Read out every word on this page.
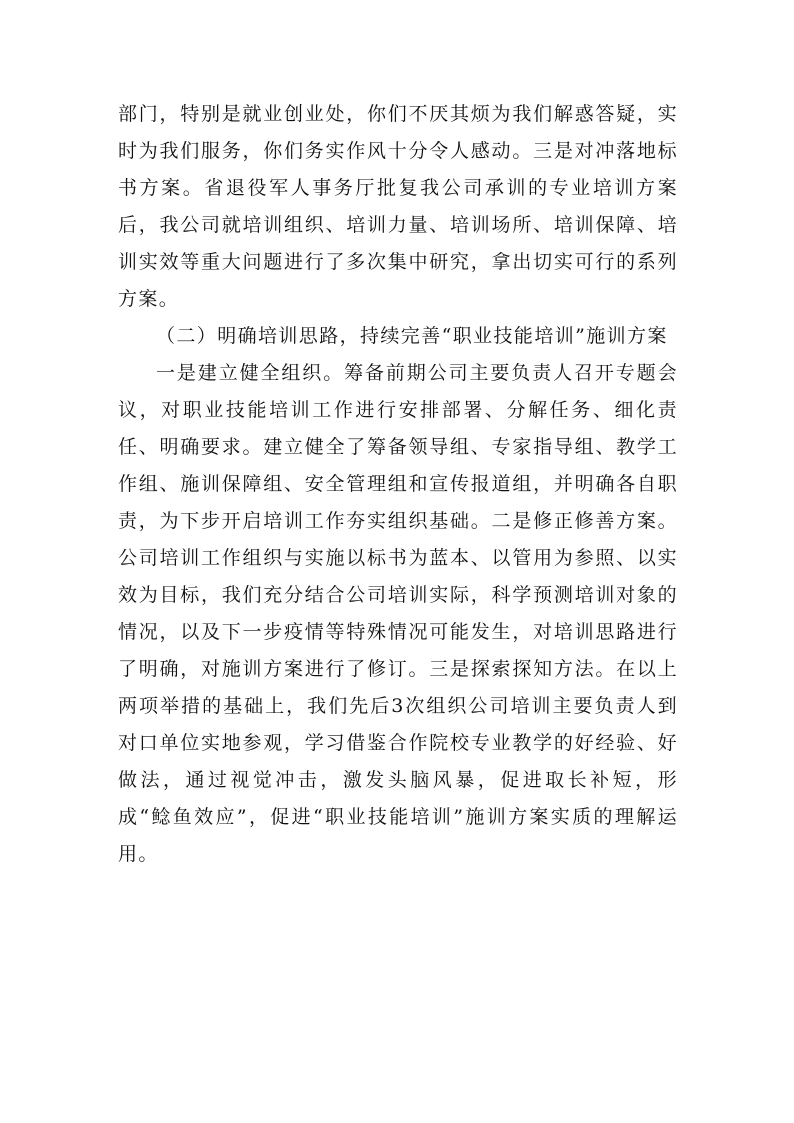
部门，特别是就业创业处，你们不厌其烦为我们解惑答疑，实时为我们服务，你们务实作风十分令人感动。三是对冲落地标书方案。省退役军人事务厅批复我公司承训的专业培训方案后，我公司就培训组织、培训力量、培训场所、培训保障、培训实效等重大问题进行了多次集中研究，拿出切实可行的系列方案。

（二）明确培训思路，持续完善“职业技能培训”施训方案

一是建立健全组织。筹备前期公司主要负责人召开专题会议，对职业技能培训工作进行安排部署、分解任务、细化责任、明确要求。建立健全了筹备领导组、专家指导组、教学工作组、施训保障组、安全管理组和宣传报道组，并明确各自职责，为下步开启培训工作夯实组织基础。二是修正修善方案。公司培训工作组织与实施以标书为蓝本、以管用为参照、以实效为目标，我们充分结合公司培训实际，科学预测培训对象的情况，以及下一步疫情等特殊情况可能发生，对培训思路进行了明确，对施训方案进行了修订。三是探索探知方法。在以上两项举措的基础上，我们先后3次组织公司培训主要负责人到对口单位实地参观，学习借鉴合作院校专业教学的好经验、好做法，通过视觉冲击，激发头脑风暴，促进取长补短，形成“鲶鱼效应”，促进“职业技能培训”施训方案实质的理解运用。
